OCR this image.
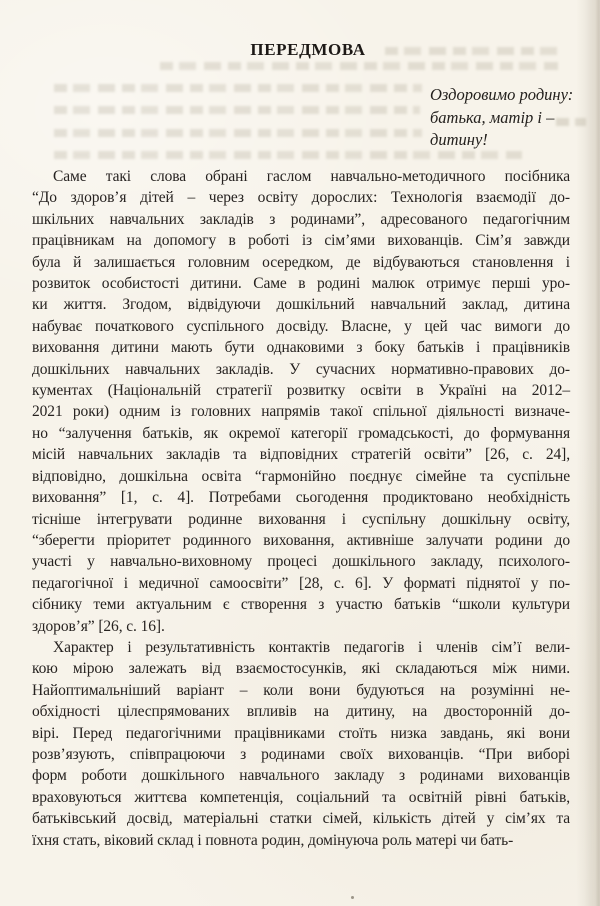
ПЕРЕДМОВА
Оздоровимо родину:
батька, матір і –
дитину!
Саме такі слова обрані гаслом навчально-методичного посібника
“До здоров’я дітей – через освіту дорослих: Технологія взаємодії до-
шкільних навчальних закладів з родинами”, адресованого педагогічним
працівникам на допомогу в роботі із сім’ями вихованців. Сім’я завжди
була й залишається головним осередком, де відбуваються становлення і
розвиток особистості дитини. Саме в родині малюк отримує перші уро-
ки життя. Згодом, відвідуючи дошкільний навчальний заклад, дитина
набуває початкового суспільного досвіду. Власне, у цей час вимоги до
виховання дитини мають бути однаковими з боку батьків і працівників
дошкільних навчальних закладів. У сучасних нормативно-правових до-
кументах (Національній стратегії розвитку освіти в Україні на 2012–
2021 роки) одним із головних напрямів такої спільної діяльності визначе-
но “залучення батьків, як окремої категорії громадськості, до формування
місій навчальних закладів та відповідних стратегій освіти” [26, с. 24],
відповідно, дошкільна освіта “гармонійно поєднує сімейне та суспільне
виховання” [1, с. 4]. Потребами сьогодення продиктовано необхідність
тісніше інтегрувати родинне виховання і суспільну дошкільну освіту,
“зберегти пріоритет родинного виховання, активніше залучати родини до
участі у навчально-виховному процесі дошкільного закладу, психолого-
педагогічної і медичної самоосвіти” [28, с. 6]. У форматі піднятої у по-
сібнику теми актуальним є створення з участю батьків “школи культури
здоров’я” [26, с. 16].
Характер і результативність контактів педагогів і членів сім’ї вели-
кою мірою залежать від взаємостосунків, які складаються між ними.
Найоптимальніший варіант – коли вони будуються на розумінні не-
обхідності цілеспрямованих впливів на дитину, на двосторонній до-
вірі. Перед педагогічними працівниками стоїть низка завдань, які вони
розв’язують, співпрацюючи з родинами своїх вихованців. “При виборі
форм роботи дошкільного навчального закладу з родинами вихованців
враховуються життєва компетенція, соціальний та освітній рівні батьків,
батьківський досвід, матеріальні статки сімей, кількість дітей у сім’ях та
їхня стать, віковий склад і повнота родин, домінуюча роль матері чи бать-
